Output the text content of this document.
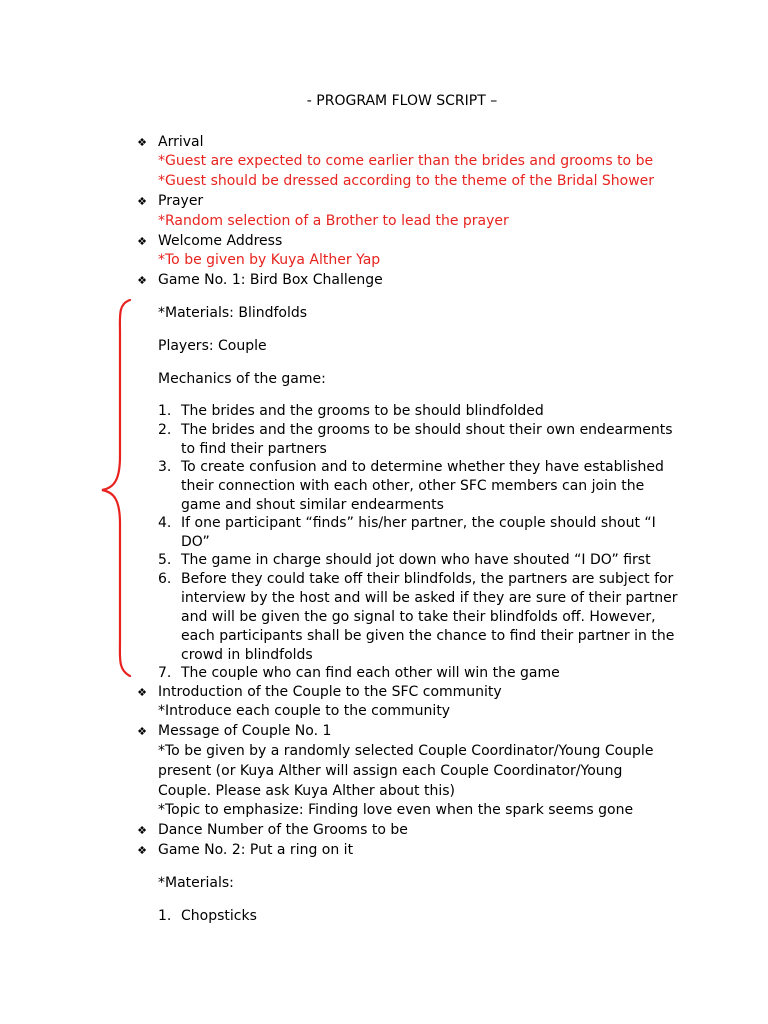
- PROGRAM FLOW SCRIPT –
❖ Arrival
*Guest are expected to come earlier than the brides and grooms to be
*Guest should be dressed according to the theme of the Bridal Shower
❖ Prayer
*Random selection of a Brother to lead the prayer
❖ Welcome Address
*To be given by Kuya Alther Yap
❖ Game No. 1: Bird Box Challenge
*Materials: Blindfolds
Players: Couple
Mechanics of the game:
1. The brides and the grooms to be should blindfolded
2. The brides and the grooms to be should shout their own endearments
to find their partners
3. To create confusion and to determine whether they have established
their connection with each other, other SFC members can join the
game and shout similar endearments
4. If one participant “finds” his/her partner, the couple should shout “I
DO”
5. The game in charge should jot down who have shouted “I DO” first
6. Before they could take off their blindfolds, the partners are subject for
interview by the host and will be asked if they are sure of their partner
and will be given the go signal to take their blindfolds off. However,
each participants shall be given the chance to find their partner in the
crowd in blindfolds
7. The couple who can find each other will win the game
❖ Introduction of the Couple to the SFC community
*Introduce each couple to the community
❖ Message of Couple No. 1
*To be given by a randomly selected Couple Coordinator/Young Couple
present (or Kuya Alther will assign each Couple Coordinator/Young
Couple. Please ask Kuya Alther about this)
*Topic to emphasize: Finding love even when the spark seems gone
❖ Dance Number of the Grooms to be
❖ Game No. 2: Put a ring on it
*Materials:
1. Chopsticks
